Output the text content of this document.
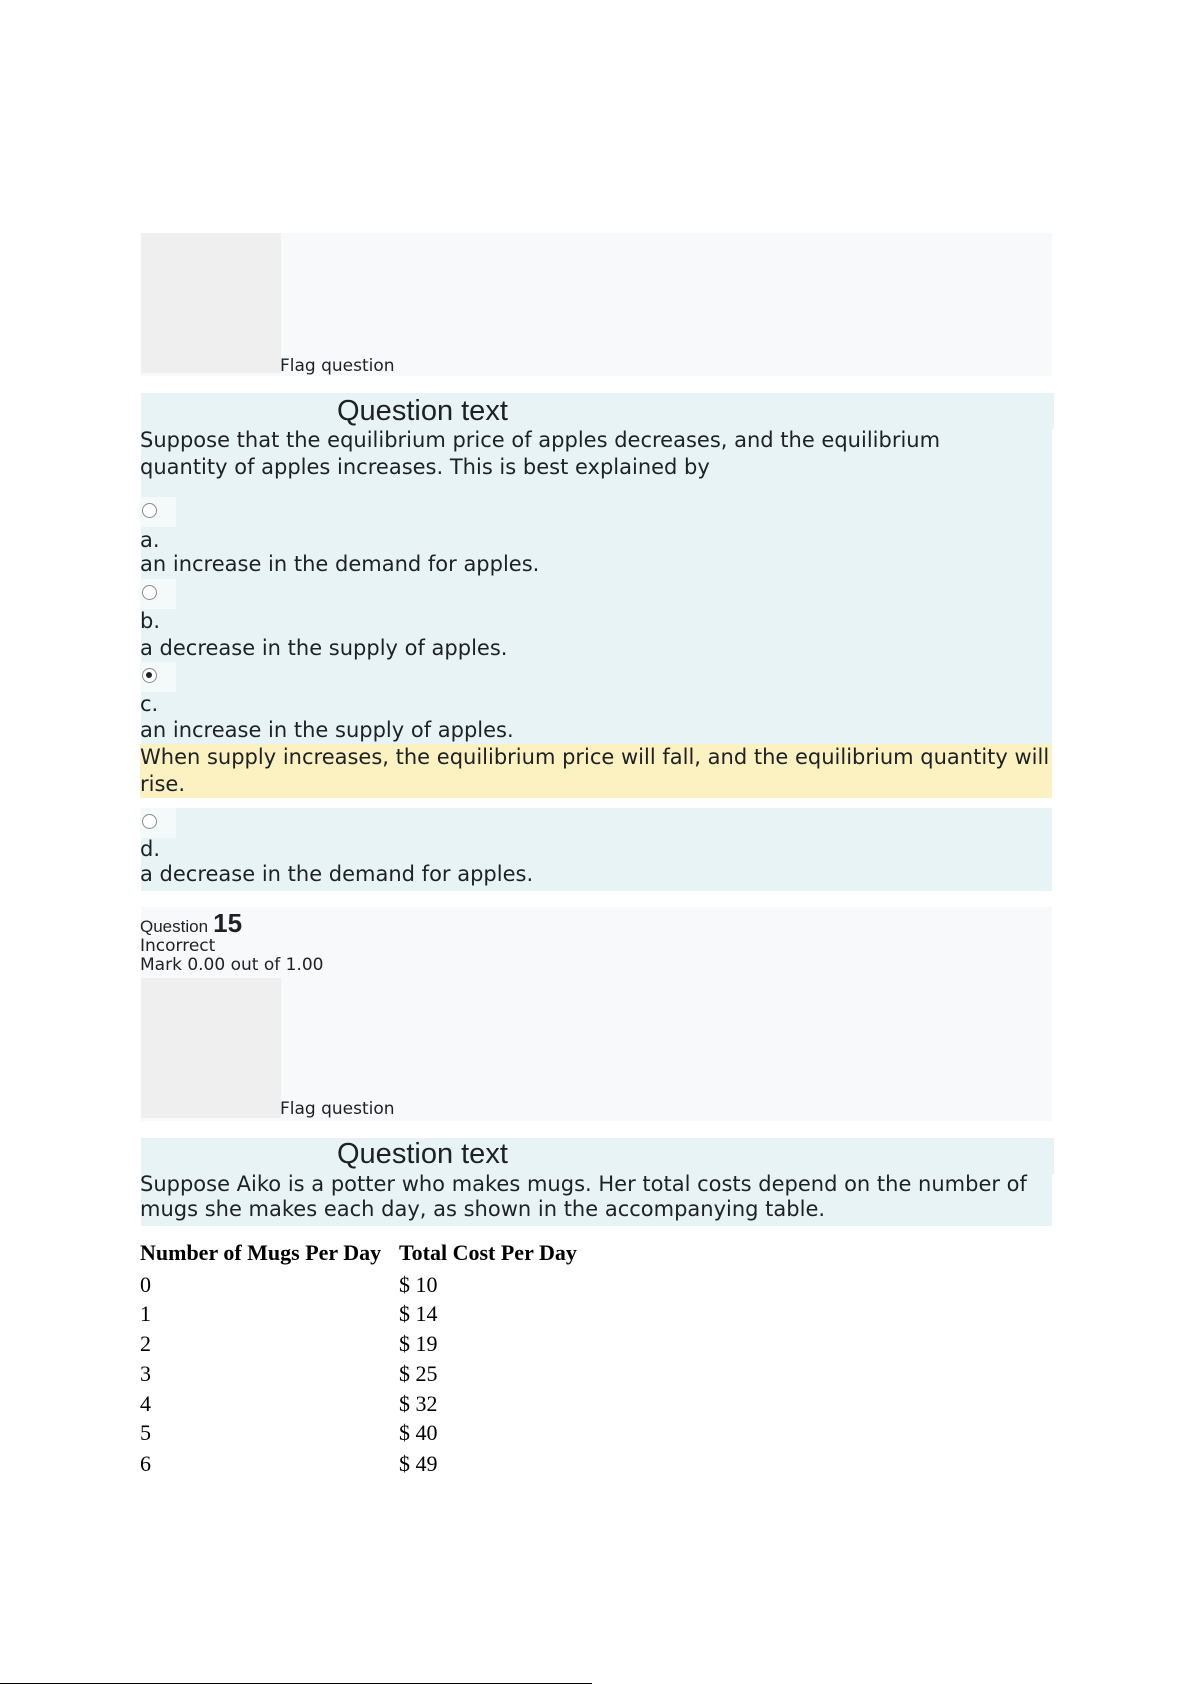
Flag question
Question text
Suppose that the equilibrium price of apples decreases, and the equilibrium quantity of apples increases. This is best explained by
a.
an increase in the demand for apples.
b.
a decrease in the supply of apples.
c.
an increase in the supply of apples.
When supply increases, the equilibrium price will fall, and the equilibrium quantity will rise.
d.
a decrease in the demand for apples.
Question 15
Incorrect
Mark 0.00 out of 1.00
Flag question
Question text
Suppose Aiko is a potter who makes mugs. Her total costs depend on the number of mugs she makes each day, as shown in the accompanying table.
Number of Mugs Per Day Total Cost Per Day
0	$ 10
1	$ 14
2	$ 19
3	$ 25
4	$ 32
5	$ 40
6	$ 49
